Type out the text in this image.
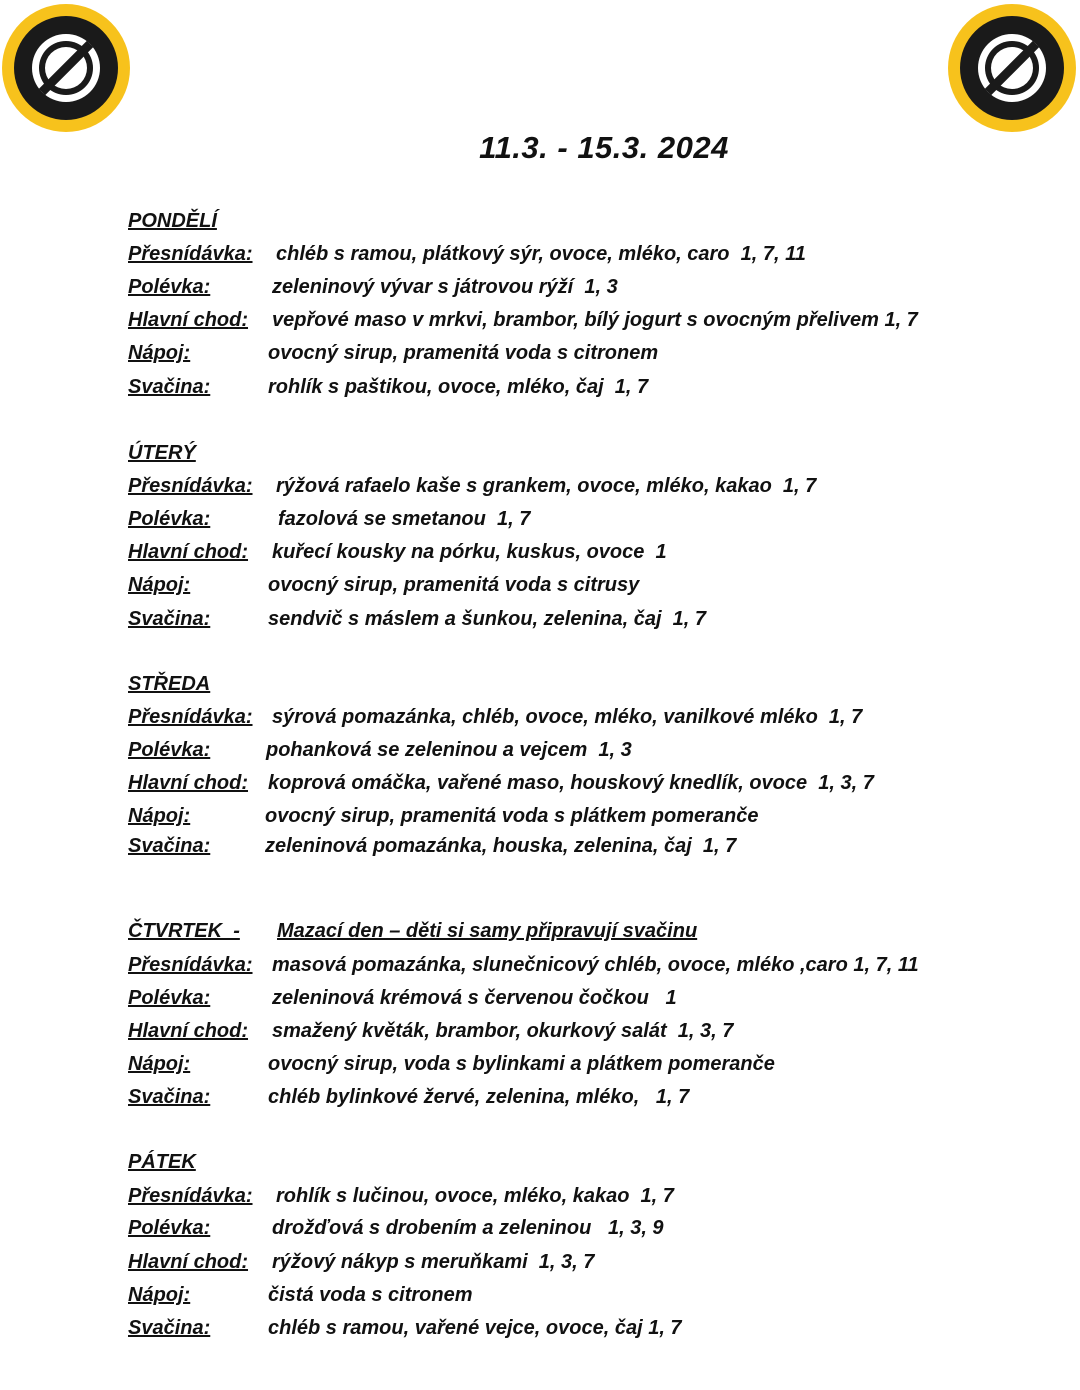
11.3. - 15.3. 2024
PONDĚLÍ
Přesnídávka: chléb s ramou, plátkový sýr, ovoce, mléko, caro  1, 7, 11
Polévka:	zeleninový vývar s játrovou rýží  1, 3
Hlavní chod: vepřové maso v mrkvi, brambor, bílý jogurt s ovocným přelivem 1, 7
Nápoj:	ovocný sirup, pramenitá voda s citronem
Svačina:	rohlík s paštikou, ovoce, mléko, čaj  1, 7
ÚTERÝ
Přesnídávka: rýžová rafaelo kaše s grankem, ovoce, mléko, kakao  1, 7
Polévka:	fazolová se smetanou  1, 7
Hlavní chod: kuřecí kousky na pórku, kuskus, ovoce  1
Nápoj:	ovocný sirup, pramenitá voda s citrusy
Svačina:	sendvič s máslem a šunkou, zelenina, čaj  1, 7
STŘEDA
Přesnídávka: sýrová pomazánka, chléb, ovoce, mléko, vanilkové mléko  1, 7
Polévka:	pohanková se zeleninou a vejcem  1, 3
Hlavní chod: koprová omáčka, vařené maso, houskový knedlík, ovoce  1, 3, 7
Nápoj:	ovocný sirup, pramenitá voda s plátkem pomeranče
Svačina:	zeleninová pomazánka, houska, zelenina, čaj  1, 7
ČTVRTEK  - Mazací den – děti si samy připravují svačinu
Přesnídávka: masová pomazánka, slunečnicový chléb, ovoce, mléko ,caro 1, 7, 11
Polévka:	zeleninová krémová s červenou čočkou   1
Hlavní chod: smažený květák, brambor, okurkový salát  1, 3, 7
Nápoj:	ovocný sirup, voda s bylinkami a plátkem pomeranče
Svačina:	chléb bylinkové žervé, zelenina, mléko,   1, 7
PÁTEK
Přesnídávka: rohlík s lučinou, ovoce, mléko, kakao  1, 7
Polévka:	drožďová s drobením a zeleninou   1, 3, 9
Hlavní chod: rýžový nákyp s meruňkami  1, 3, 7
Nápoj:	čistá voda s citronem
Svačina:	chléb s ramou, vařené vejce, ovoce, čaj 1, 7
